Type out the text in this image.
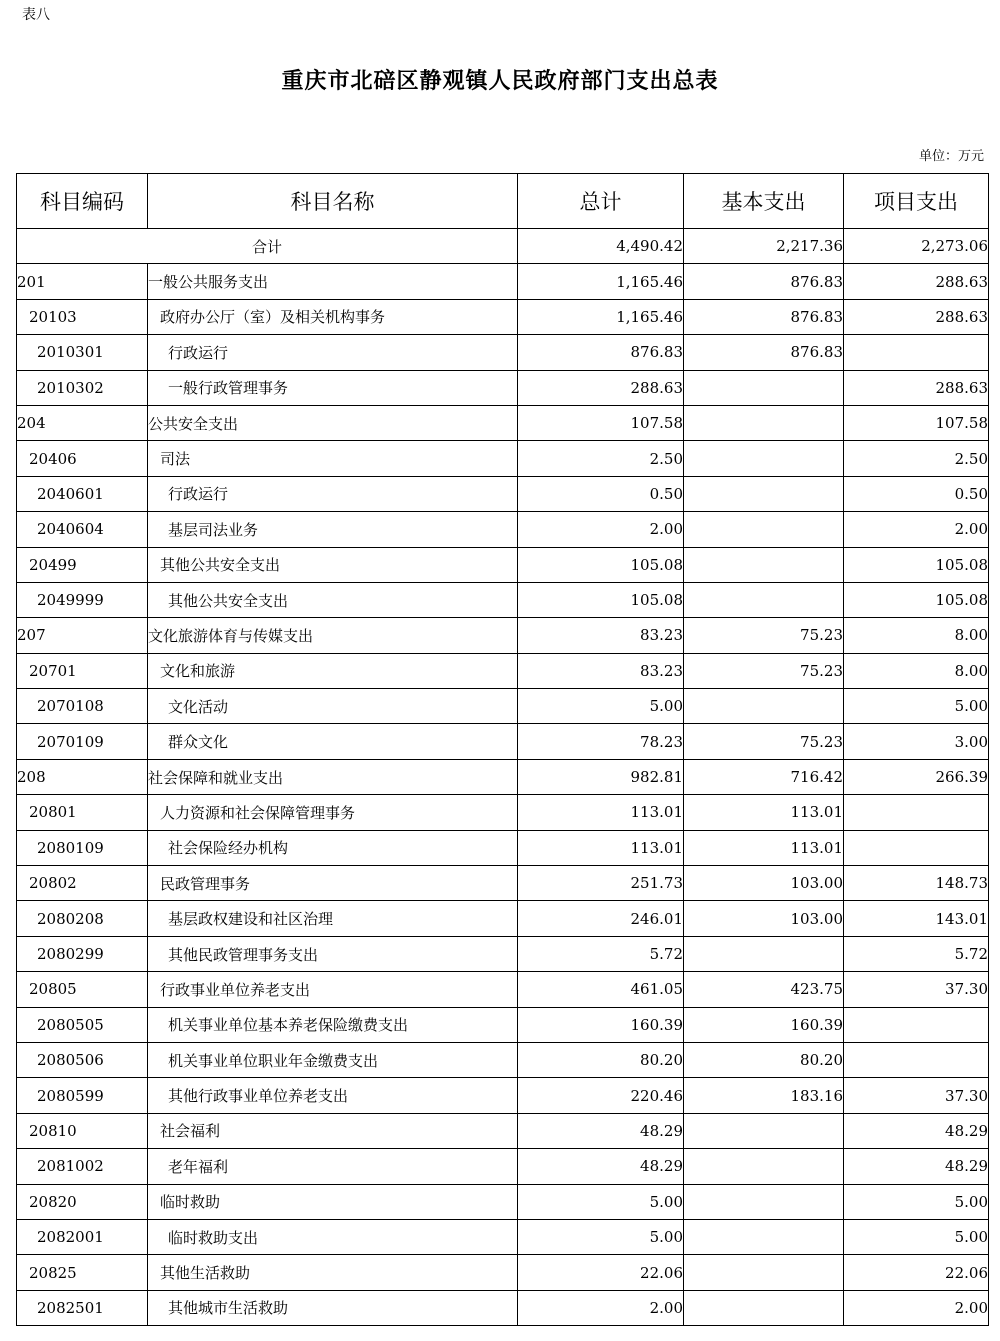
表八
重庆市北碚区静观镇人民政府部门支出总表
单位：万元
科目编码	科目名称	总计	基本支出	项目支出
合计		4,490.42	2,217.36	2,273.06
201	一般公共服务支出	1,165.46	876.83	288.63
20103	政府办公厅（室）及相关机构事务	1,165.46	876.83	288.63
2010301	行政运行	876.83	876.83	
2010302	一般行政管理事务	288.63		288.63
204	公共安全支出	107.58		107.58
20406	司法	2.50		2.50
2040601	行政运行	0.50		0.50
2040604	基层司法业务	2.00		2.00
20499	其他公共安全支出	105.08		105.08
2049999	其他公共安全支出	105.08		105.08
207	文化旅游体育与传媒支出	83.23	75.23	8.00
20701	文化和旅游	83.23	75.23	8.00
2070108	文化活动	5.00		5.00
2070109	群众文化	78.23	75.23	3.00
208	社会保障和就业支出	982.81	716.42	266.39
20801	人力资源和社会保障管理事务	113.01	113.01	
2080109	社会保险经办机构	113.01	113.01	
20802	民政管理事务	251.73	103.00	148.73
2080208	基层政权建设和社区治理	246.01	103.00	143.01
2080299	其他民政管理事务支出	5.72		5.72
20805	行政事业单位养老支出	461.05	423.75	37.30
2080505	机关事业单位基本养老保险缴费支出	160.39	160.39	
2080506	机关事业单位职业年金缴费支出	80.20	80.20	
2080599	其他行政事业单位养老支出	220.46	183.16	37.30
20810	社会福利	48.29		48.29
2081002	老年福利	48.29		48.29
20820	临时救助	5.00		5.00
2082001	临时救助支出	5.00		5.00
20825	其他生活救助	22.06		22.06
2082501	其他城市生活救助	2.00		2.00
